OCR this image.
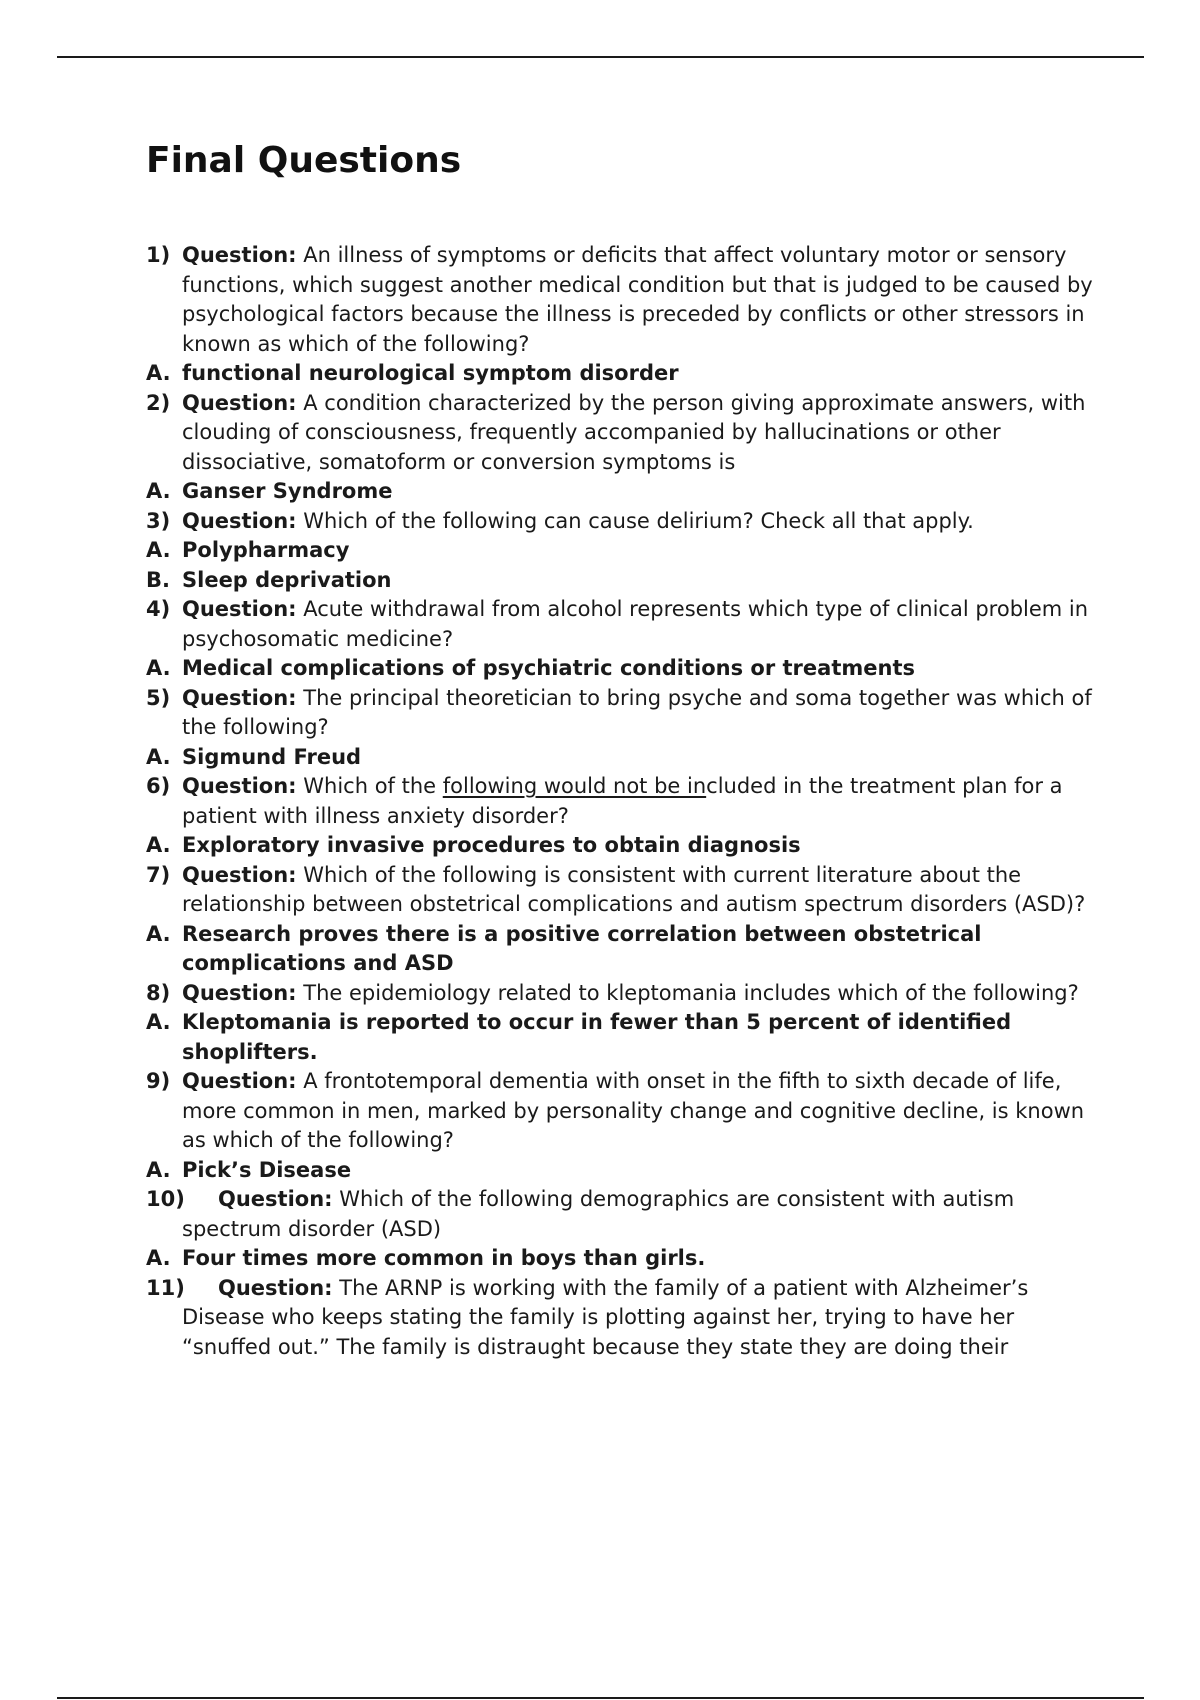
Final Questions
1) Question: An illness of symptoms or deficits that affect voluntary motor or sensory functions, which suggest another medical condition but that is judged to be caused by psychological factors because the illness is preceded by conflicts or other stressors in known as which of the following?
A. functional neurological symptom disorder
2) Question: A condition characterized by the person giving approximate answers, with clouding of consciousness, frequently accompanied by hallucinations or other dissociative, somatoform or conversion symptoms is
A. Ganser Syndrome
3) Question: Which of the following can cause delirium? Check all that apply.
A. Polypharmacy
B. Sleep deprivation
4) Question: Acute withdrawal from alcohol represents which type of clinical problem in psychosomatic medicine?
A. Medical complications of psychiatric conditions or treatments
5) Question: The principal theoretician to bring psyche and soma together was which of the following?
A. Sigmund Freud
6) Question: Which of the following would not be included in the treatment plan for a patient with illness anxiety disorder?
A. Exploratory invasive procedures to obtain diagnosis
7) Question: Which of the following is consistent with current literature about the relationship between obstetrical complications and autism spectrum disorders (ASD)?
A. Research proves there is a positive correlation between obstetrical complications and ASD
8) Question: The epidemiology related to kleptomania includes which of the following?
A. Kleptomania is reported to occur in fewer than 5 percent of identified shoplifters.
9) Question: A frontotemporal dementia with onset in the fifth to sixth decade of life, more common in men, marked by personality change and cognitive decline, is known as which of the following?
A. Pick’s Disease
10)	Question: Which of the following demographics are consistent with autism spectrum disorder (ASD)
A. Four times more common in boys than girls.
11)	Question: The ARNP is working with the family of a patient with Alzheimer’s Disease who keeps stating the family is plotting against her, trying to have her “snuffed out.” The family is distraught because they state they are doing their
